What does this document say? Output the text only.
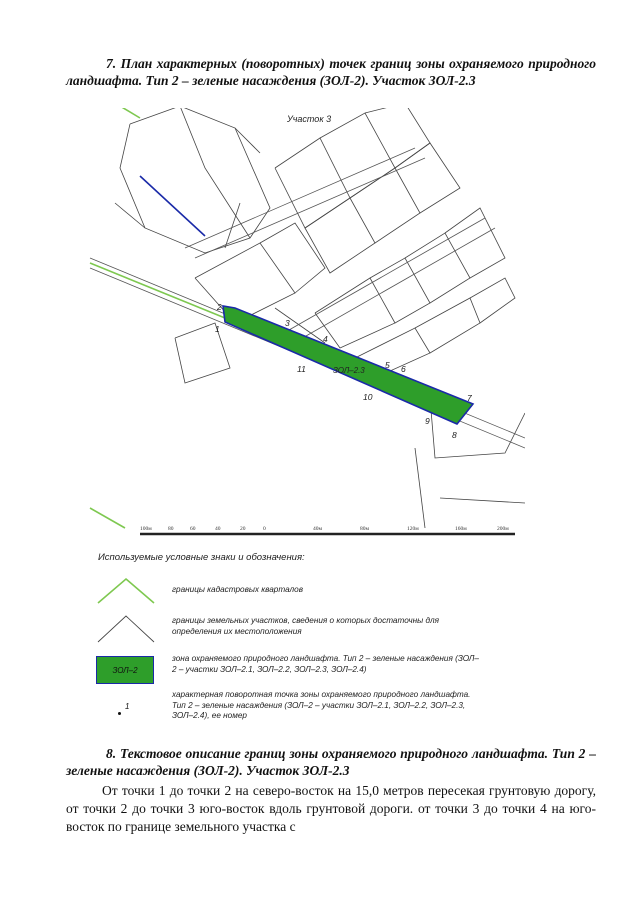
7. План характерных (поворотных) точек границ зоны охраняемого природного ландшафта. Тип 2 – зеленые насаждения (ЗОЛ-2). Участок ЗОЛ-2.3

Участок 3
ЗОЛ–2.3
1
2
3
4
5 6
7
8
9
10
11
100м	80	60	40	20	0	40м	80м	120м	160м	200м

Используемые условные знаки и обозначения:

границы кадастровых кварталов

границы земельных участков, сведения о которых достаточны для определения их местоположения

ЗОЛ–2

зона охраняемого природного ландшафта. Тип 2 – зеленые насаждения (ЗОЛ–2 – участки ЗОЛ–2.1, ЗОЛ–2.2, ЗОЛ–2.3, ЗОЛ–2.4)

$^1$

характерная поворотная точка зоны охраняемого природного ландшафта. Тип 2 – зеленые насаждения (ЗОЛ–2 – участки ЗОЛ–2.1, ЗОЛ–2.2, ЗОЛ–2.3, ЗОЛ–2.4), ее номер

8. Текстовое описание границ зоны охраняемого природного ландшафта. Тип 2 – зеленые насаждения (ЗОЛ-2). Участок ЗОЛ-2.3

От точки 1 до точки 2 на северо-восток на 15,0 метров пересекая грунтовую дорогу, от точки 2 до точки 3 юго-восток вдоль грунтовой дороги. от точки 3 до точки 4 на юго-восток по границе земельного участка с
